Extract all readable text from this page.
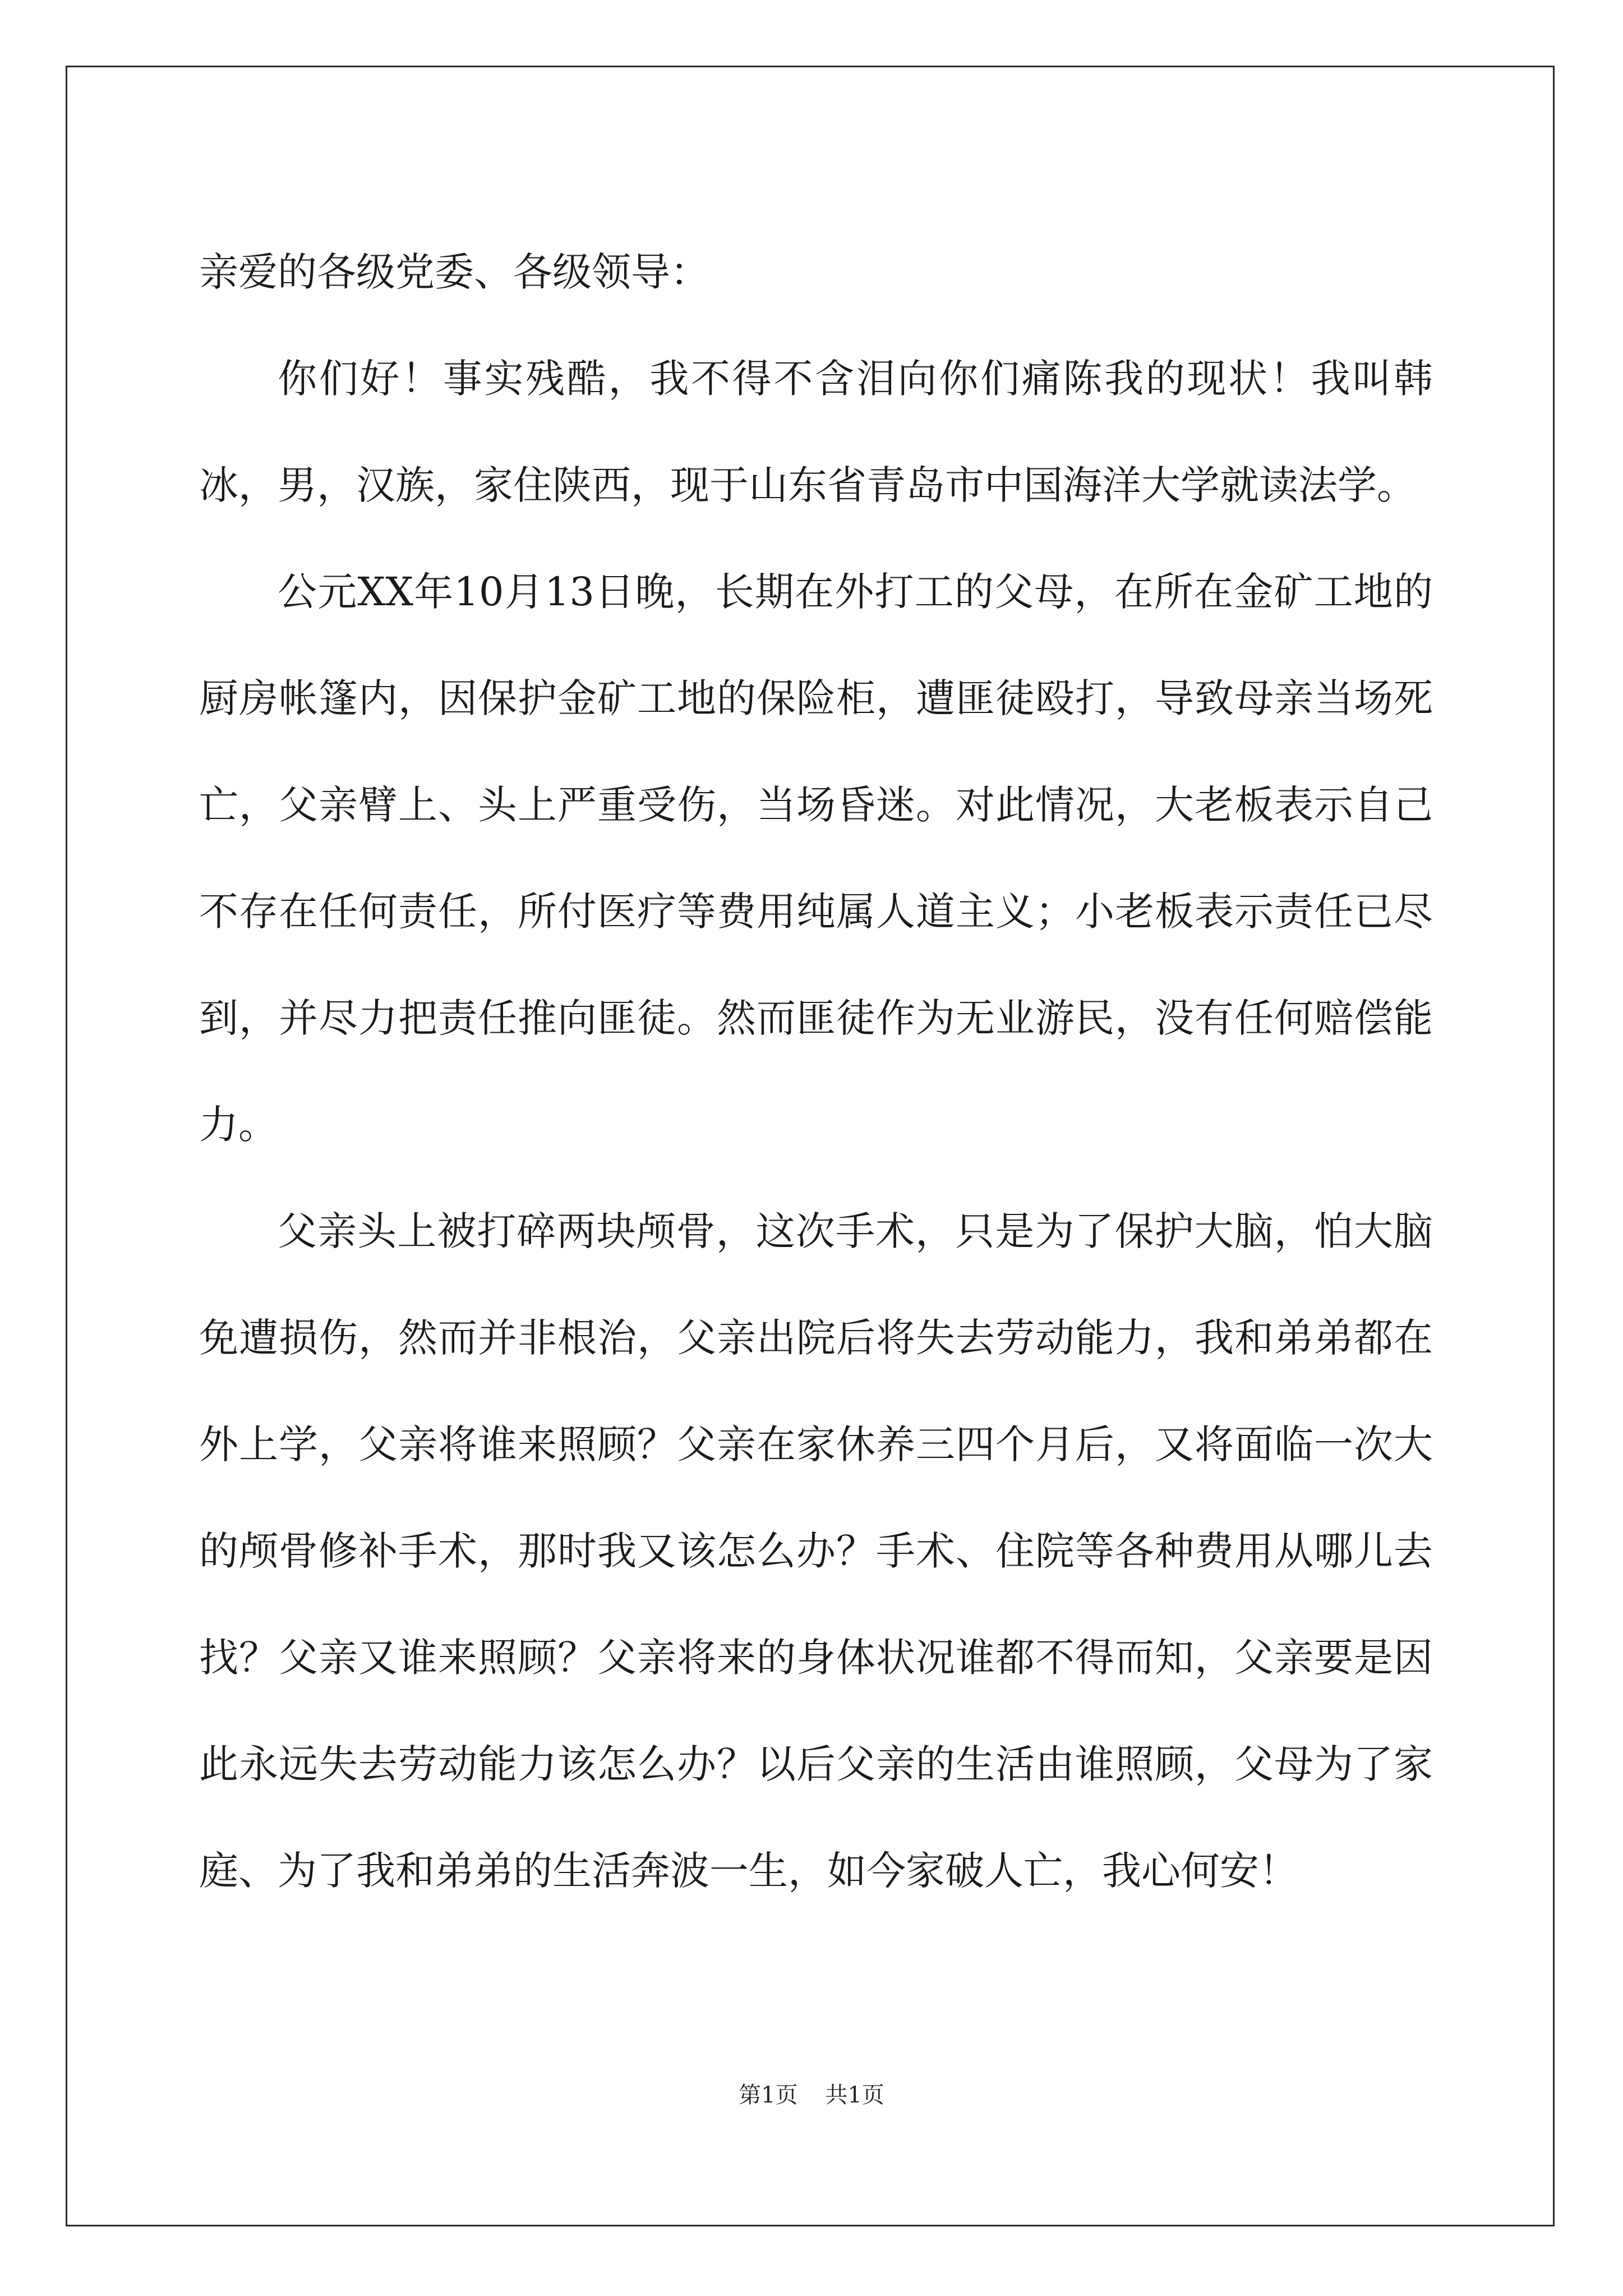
亲爱的各级党委、各级领导：

你们好！事实残酷，我不得不含泪向你们痛陈我的现状！我叫韩冰，男，汉族，家住陕西，现于山东省青岛市中国海洋大学就读法学。

公元XX年10月13日晚，长期在外打工的父母，在所在金矿工地的厨房帐篷内，因保护金矿工地的保险柜，遭匪徒殴打，导致母亲当场死亡，父亲臂上、头上严重受伤，当场昏迷。对此情况，大老板表示自己不存在任何责任，所付医疗等费用纯属人道主义；小老板表示责任已尽到，并尽力把责任推向匪徒。然而匪徒作为无业游民，没有任何赔偿能力。

父亲头上被打碎两块颅骨，这次手术，只是为了保护大脑，怕大脑免遭损伤，然而并非根治，父亲出院后将失去劳动能力，我和弟弟都在外上学，父亲将谁来照顾？父亲在家休养三四个月后，又将面临一次大的颅骨修补手术，那时我又该怎么办？手术、住院等各种费用从哪儿去找？父亲又谁来照顾？父亲将来的身体状况谁都不得而知，父亲要是因此永远失去劳动能力该怎么办？以后父亲的生活由谁照顾，父母为了家庭、为了我和弟弟的生活奔波一生，如今家破人亡，我心何安！

第1页 共1页
